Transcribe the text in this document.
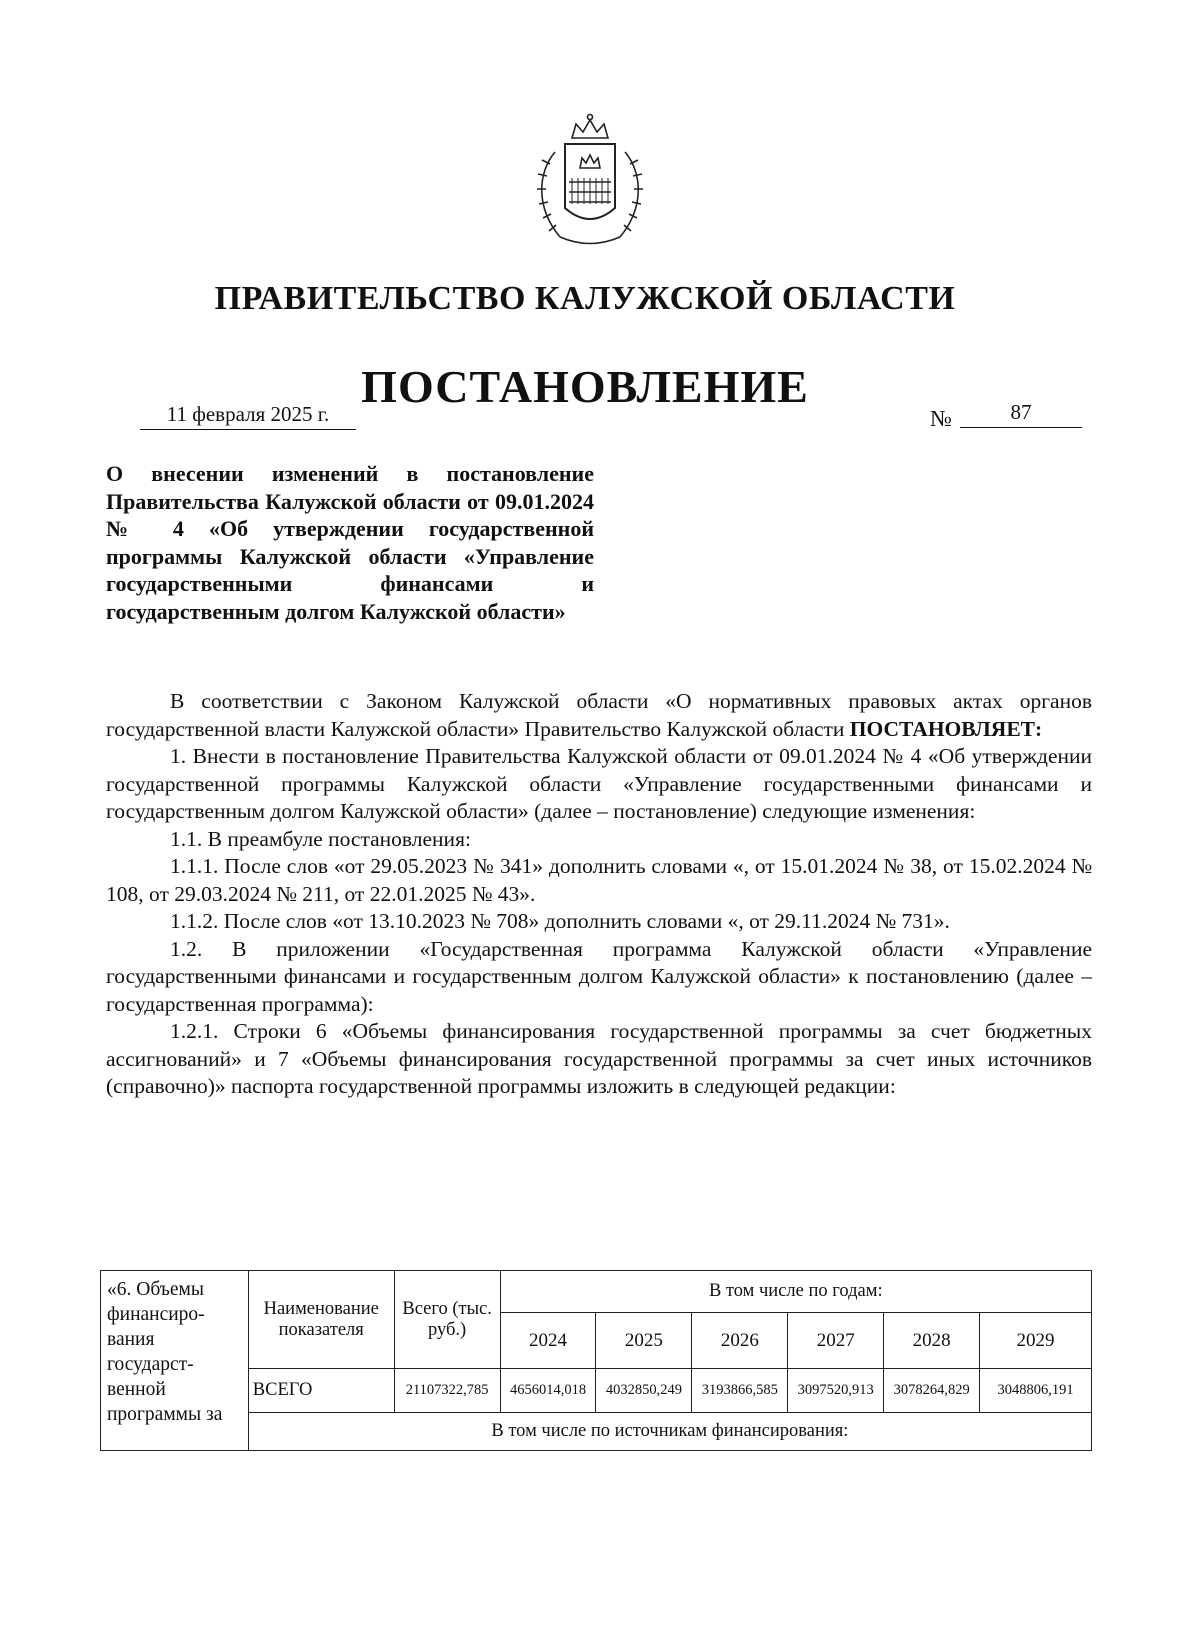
ПРАВИТЕЛЬСТВО КАЛУЖСКОЙ ОБЛАСТИ
ПОСТАНОВЛЕНИЕ
11 февраля 2025 г.	№	87
О внесении изменений в постановление Правительства Калужской области от 09.01.2024 № 4 «Об утверждении государственной программы Калужской области «Управление государственными финансами и государственным долгом Калужской области»

В соответствии с Законом Калужской области «О нормативных правовых актах органов государственной власти Калужской области» Правительство Калужской области ПОСТАНОВЛЯЕТ:

1. Внести в постановление Правительства Калужской области от 09.01.2024 № 4 «Об утверждении государственной программы Калужской области «Управление государственными финансами и государственным долгом Калужской области» (далее – постановление) следующие изменения:

1.1. В преамбуле постановления:

1.1.1. После слов «от 29.05.2023 № 341» дополнить словами «, от 15.01.2024 № 38, от 15.02.2024 № 108, от 29.03.2024 № 211, от 22.01.2025 № 43».

1.1.2. После слов «от 13.10.2023 № 708» дополнить словами «, от 29.11.2024 № 731».

1.2. В приложении «Государственная программа Калужской области «Управление государственными финансами и государственным долгом Калужской области» к постановлению (далее – государственная программа):

1.2.1. Строки 6 «Объемы финансирования государственной программы за счет бюджетных ассигнований» и 7 «Объемы финансирования государственной программы за счет иных источников (справочно)» паспорта государственной программы изложить в следующей редакции:

«6. Объемы финансиро-вания государст-венной программы за	Наименование показателя	Всего (тыс. руб.)	В том числе по годам:					
			2024	2025	2026	2027	2028	2029
	ВСЕГО	21107322,785	4656014,018	4032850,249	3193866,585	3097520,913	3078264,829	3048806,191
	В том числе по источникам финансирования:							
